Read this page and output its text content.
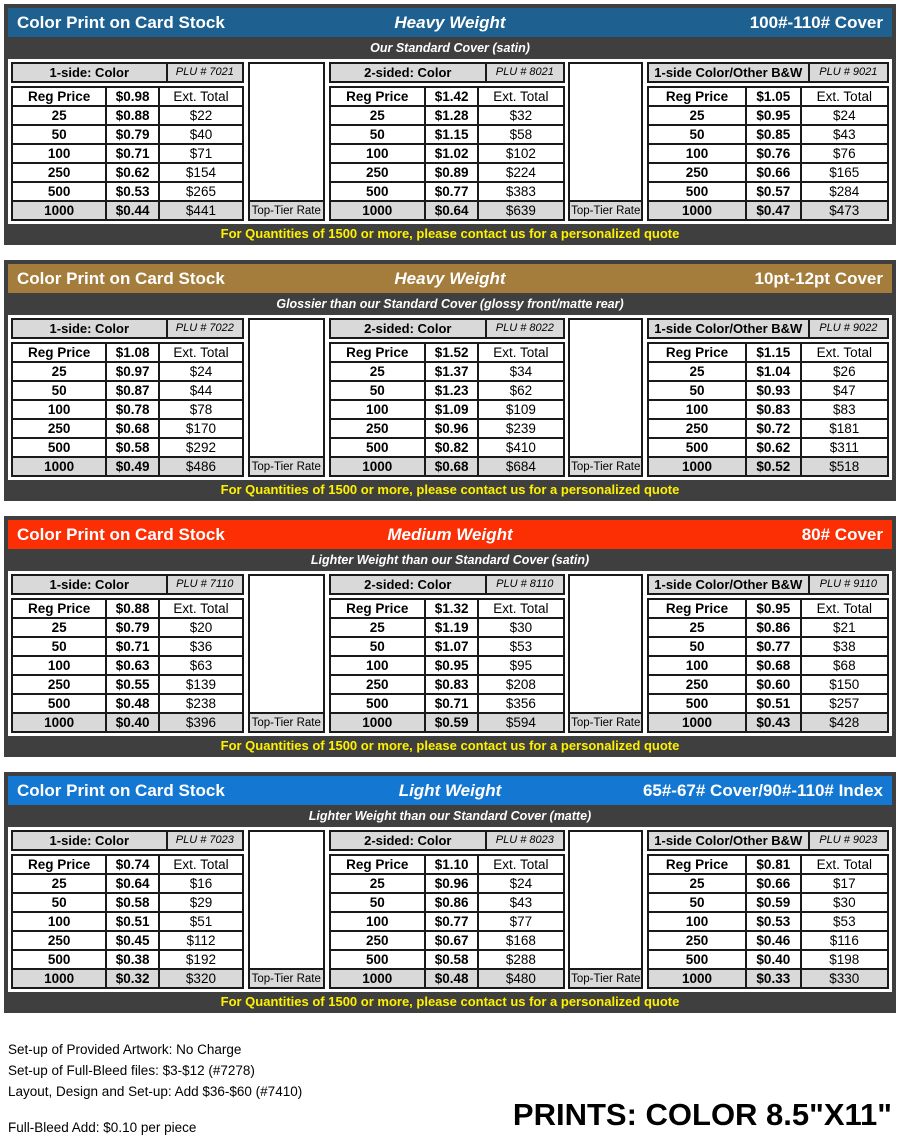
Color Print on Card Stock	Heavy Weight	100#-110# Cover
Our Standard Cover (satin)
1-side: Color	PLU # 7021
Reg Price	$0.98	Ext. Total
25	$0.88	$22
50	$0.79	$40
100	$0.71	$71
250	$0.62	$154
500	$0.53	$265
1000	$0.44	$441	Top-Tier Rate
2-sided: Color	PLU # 8021
Reg Price	$1.42	Ext. Total
25	$1.28	$32
50	$1.15	$58
100	$1.02	$102
250	$0.89	$224
500	$0.77	$383
1000	$0.64	$639	Top-Tier Rate
1-side Color/Other B&W	PLU # 9021
Reg Price	$1.05	Ext. Total
25	$0.95	$24
50	$0.85	$43
100	$0.76	$76
250	$0.66	$165
500	$0.57	$284
1000	$0.47	$473
For Quantities of 1500 or more, please contact us for a personalized quote
Color Print on Card Stock	Heavy Weight	10pt-12pt Cover
Glossier than our Standard Cover (glossy front/matte rear)
1-side: Color	PLU # 7022
Reg Price	$1.08	Ext. Total
25	$0.97	$24
50	$0.87	$44
100	$0.78	$78
250	$0.68	$170
500	$0.58	$292
1000	$0.49	$486	Top-Tier Rate
2-sided: Color	PLU # 8022
Reg Price	$1.52	Ext. Total
25	$1.37	$34
50	$1.23	$62
100	$1.09	$109
250	$0.96	$239
500	$0.82	$410
1000	$0.68	$684	Top-Tier Rate
1-side Color/Other B&W	PLU # 9022
Reg Price	$1.15	Ext. Total
25	$1.04	$26
50	$0.93	$47
100	$0.83	$83
250	$0.72	$181
500	$0.62	$311
1000	$0.52	$518
For Quantities of 1500 or more, please contact us for a personalized quote
Color Print on Card Stock	Medium Weight	80# Cover
Lighter Weight than our Standard Cover (satin)
1-side: Color	PLU # 7110
Reg Price	$0.88	Ext. Total
25	$0.79	$20
50	$0.71	$36
100	$0.63	$63
250	$0.55	$139
500	$0.48	$238
1000	$0.40	$396	Top-Tier Rate
2-sided: Color	PLU # 8110
Reg Price	$1.32	Ext. Total
25	$1.19	$30
50	$1.07	$53
100	$0.95	$95
250	$0.83	$208
500	$0.71	$356
1000	$0.59	$594	Top-Tier Rate
1-side Color/Other B&W	PLU # 9110
Reg Price	$0.95	Ext. Total
25	$0.86	$21
50	$0.77	$38
100	$0.68	$68
250	$0.60	$150
500	$0.51	$257
1000	$0.43	$428
For Quantities of 1500 or more, please contact us for a personalized quote
Color Print on Card Stock	Light Weight	65#-67# Cover/90#-110# Index
Lighter Weight than our Standard Cover (matte)
1-side: Color	PLU # 7023
Reg Price	$0.74	Ext. Total
25	$0.64	$16
50	$0.58	$29
100	$0.51	$51
250	$0.45	$112
500	$0.38	$192
1000	$0.32	$320	Top-Tier Rate
2-sided: Color	PLU # 8023
Reg Price	$1.10	Ext. Total
25	$0.96	$24
50	$0.86	$43
100	$0.77	$77
250	$0.67	$168
500	$0.58	$288
1000	$0.48	$480	Top-Tier Rate
1-side Color/Other B&W	PLU # 9023
Reg Price	$0.81	Ext. Total
25	$0.66	$17
50	$0.59	$30
100	$0.53	$53
250	$0.46	$116
500	$0.40	$198
1000	$0.33	$330
For Quantities of 1500 or more, please contact us for a personalized quote
Set-up of Provided Artwork: No Charge
Set-up of Full-Bleed files: $3-$12 (#7278)
Layout, Design and Set-up: Add $36-$60 (#7410)
Full-Bleed Add: $0.10 per piece	PRINTS: COLOR 8.5"X11"
